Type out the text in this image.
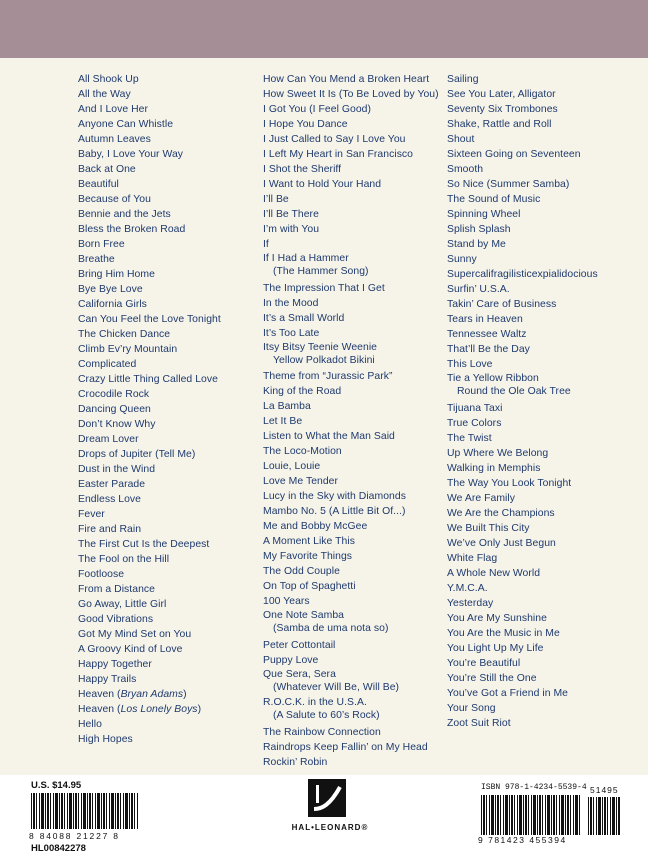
All Shook Up
All the Way
And I Love Her
Anyone Can Whistle
Autumn Leaves
Baby, I Love Your Way
Back at One
Beautiful
Because of You
Bennie and the Jets
Bless the Broken Road
Born Free
Breathe
Bring Him Home
Bye Bye Love
California Girls
Can You Feel the Love Tonight
The Chicken Dance
Climb Ev’ry Mountain
Complicated
Crazy Little Thing Called Love
Crocodile Rock
Dancing Queen
Don’t Know Why
Dream Lover
Drops of Jupiter (Tell Me)
Dust in the Wind
Easter Parade
Endless Love
Fever
Fire and Rain
The First Cut Is the Deepest
The Fool on the Hill
Footloose
From a Distance
Go Away, Little Girl
Good Vibrations
Got My Mind Set on You
A Groovy Kind of Love
Happy Together
Happy Trails
Heaven (Bryan Adams)
Heaven (Los Lonely Boys)
Hello
High Hopes
How Can You Mend a Broken Heart
How Sweet It Is (To Be Loved by You)
I Got You (I Feel Good)
I Hope You Dance
I Just Called to Say I Love You
I Left My Heart in San Francisco
I Shot the Sheriff
I Want to Hold Your Hand
I’ll Be
I’ll Be There
I’m with You
If
If I Had a Hammer
(The Hammer Song)
The Impression That I Get
In the Mood
It’s a Small World
It’s Too Late
Itsy Bitsy Teenie Weenie
Yellow Polkadot Bikini
Theme from “Jurassic Park”
King of the Road
La Bamba
Let It Be
Listen to What the Man Said
The Loco-Motion
Louie, Louie
Love Me Tender
Lucy in the Sky with Diamonds
Mambo No. 5 (A Little Bit Of...)
Me and Bobby McGee
A Moment Like This
My Favorite Things
The Odd Couple
On Top of Spaghetti
100 Years
One Note Samba
(Samba de uma nota so)
Peter Cottontail
Puppy Love
Que Sera, Sera
(Whatever Will Be, Will Be)
R.O.C.K. in the U.S.A.
(A Salute to 60’s Rock)
The Rainbow Connection
Raindrops Keep Fallin’ on My Head
Rockin’ Robin
Sailing
See You Later, Alligator
Seventy Six Trombones
Shake, Rattle and Roll
Shout
Sixteen Going on Seventeen
Smooth
So Nice (Summer Samba)
The Sound of Music
Spinning Wheel
Splish Splash
Stand by Me
Sunny
Supercalifragilisticexpialidocious
Surfin’ U.S.A.
Takin’ Care of Business
Tears in Heaven
Tennessee Waltz
That’ll Be the Day
This Love
Tie a Yellow Ribbon
Round the Ole Oak Tree
Tijuana Taxi
True Colors
The Twist
Up Where We Belong
Walking in Memphis
The Way You Look Tonight
We Are Family
We Are the Champions
We Built This City
We’ve Only Just Begun
White Flag
A Whole New World
Y.M.C.A.
Yesterday
You Are My Sunshine
You Are the Music in Me
You Light Up My Life
You’re Beautiful
You’re Still the One
You’ve Got a Friend in Me
Your Song
Zoot Suit Riot
U.S. $14.95
8 84088 21227 8
HL00842278
HAL•LEONARD®
ISBN 978-1-4234-5539-4 51495
9 781423 455394
